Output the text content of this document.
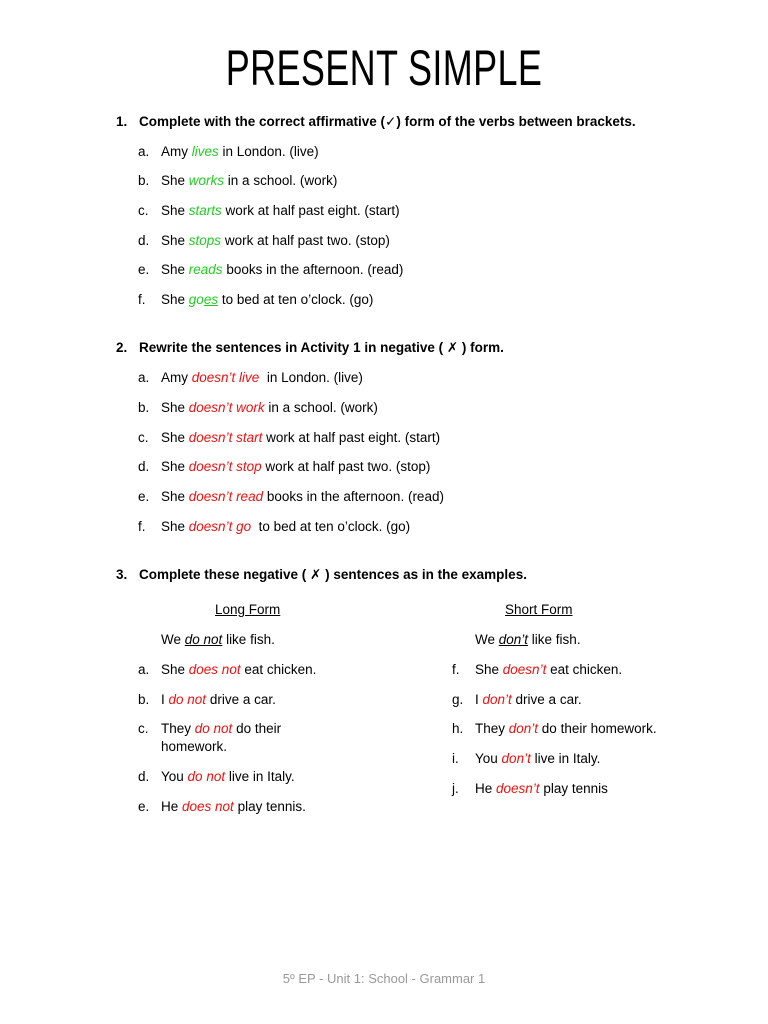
PRESENT SIMPLE
1. Complete with the correct affirmative (✓) form of the verbs between brackets.
a. Amy lives in London. (live)
b. She works in a school. (work)
c. She starts work at half past eight. (start)
d. She stops work at half past two. (stop)
e. She reads books in the afternoon. (read)
f. She goes to bed at ten o’clock. (go)
2. Rewrite the sentences in Activity 1 in negative ( ✗ ) form.
a. Amy doesn’t live  in London. (live)
b. She doesn’t work in a school. (work)
c. She doesn’t start work at half past eight. (start)
d. She doesn’t stop work at half past two. (stop)
e. She doesn’t read books in the afternoon. (read)
f. She doesn’t go  to bed at ten o’clock. (go)
3. Complete these negative ( ✗ ) sentences as in the examples.
Long Form	Short Form
We do not like fish.
a. She does not eat chicken.
b. I do not drive a car.
c. They do not do their
homework.
d. You do not live in Italy.
e. He does not play tennis.
We don’t like fish.
f. She doesn’t eat chicken.
g. I don’t drive a car.
h. They don’t do their homework.
i. You don’t live in Italy.
j. He doesn’t play tennis
5º EP - Unit 1: School - Grammar 1
